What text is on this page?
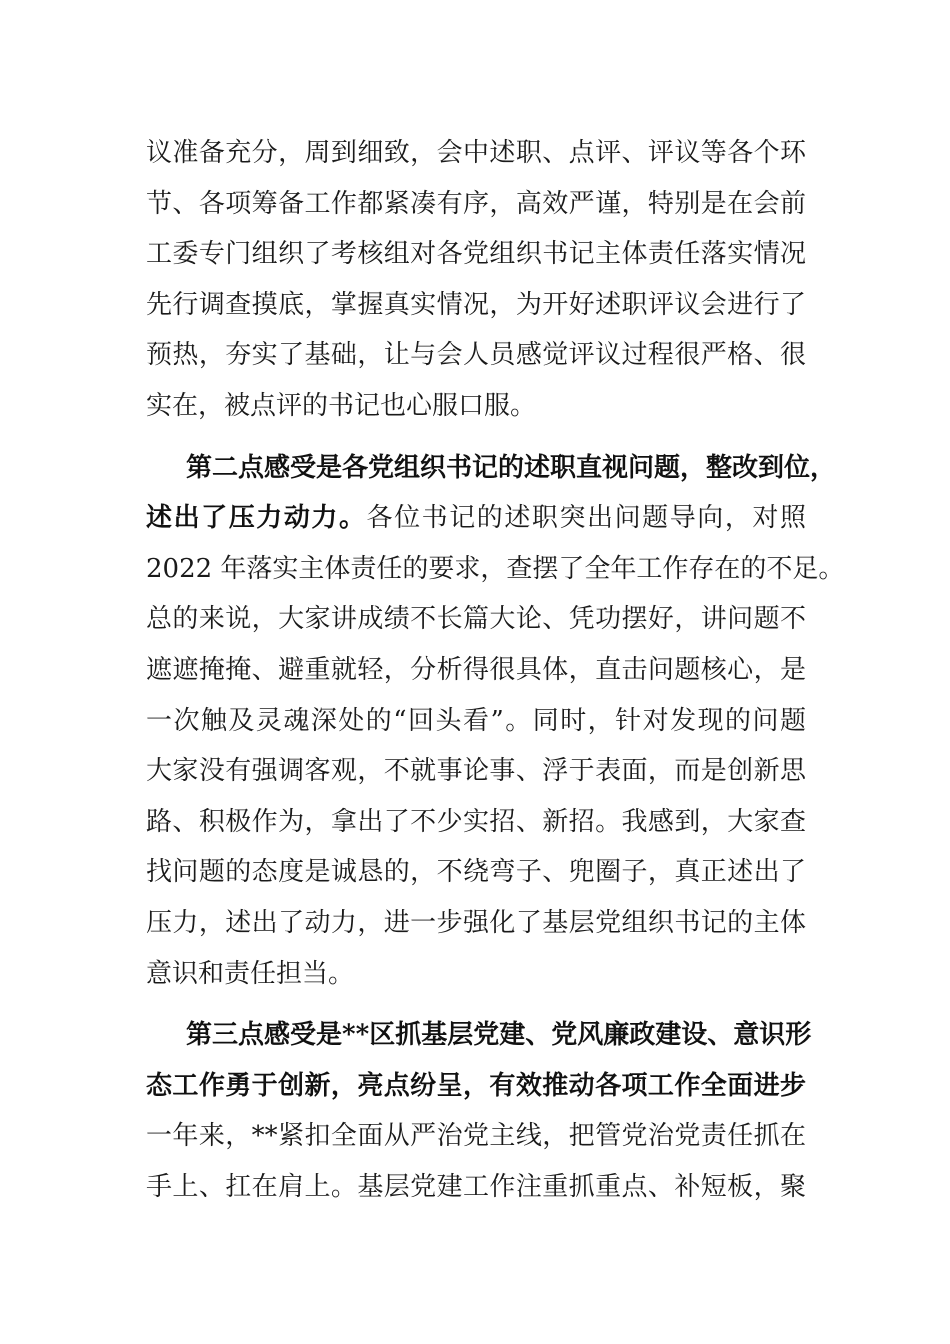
议准备充分，周到细致，会中述职、点评、评议等各个环
节、各项筹备工作都紧凑有序，高效严谨，特别是在会前
工委专门组织了考核组对各党组织书记主体责任落实情况
先行调查摸底，掌握真实情况，为开好述职评议会进行了
预热，夯实了基础，让与会人员感觉评议过程很严格、很
实在，被点评的书记也心服口服。
第二点感受是各党组织书记的述职直视问题，整改到位，
述出了压力动力。各位书记的述职突出问题导向，对照
2022 年落实主体责任的要求，查摆了全年工作存在的不足。
总的来说，大家讲成绩不长篇大论、凭功摆好，讲问题不
遮遮掩掩、避重就轻，分析得很具体，直击问题核心，是
一次触及灵魂深处的“回头看”。同时，针对发现的问题
大家没有强调客观，不就事论事、浮于表面，而是创新思
路、积极作为，拿出了不少实招、新招。我感到，大家查
找问题的态度是诚恳的，不绕弯子、兜圈子，真正述出了
压力，述出了动力，进一步强化了基层党组织书记的主体
意识和责任担当。
第三点感受是**区抓基层党建、党风廉政建设、意识形
态工作勇于创新，亮点纷呈，有效推动各项工作全面进步
一年来，**紧扣全面从严治党主线，把管党治党责任抓在
手上、扛在肩上。基层党建工作注重抓重点、补短板，聚
